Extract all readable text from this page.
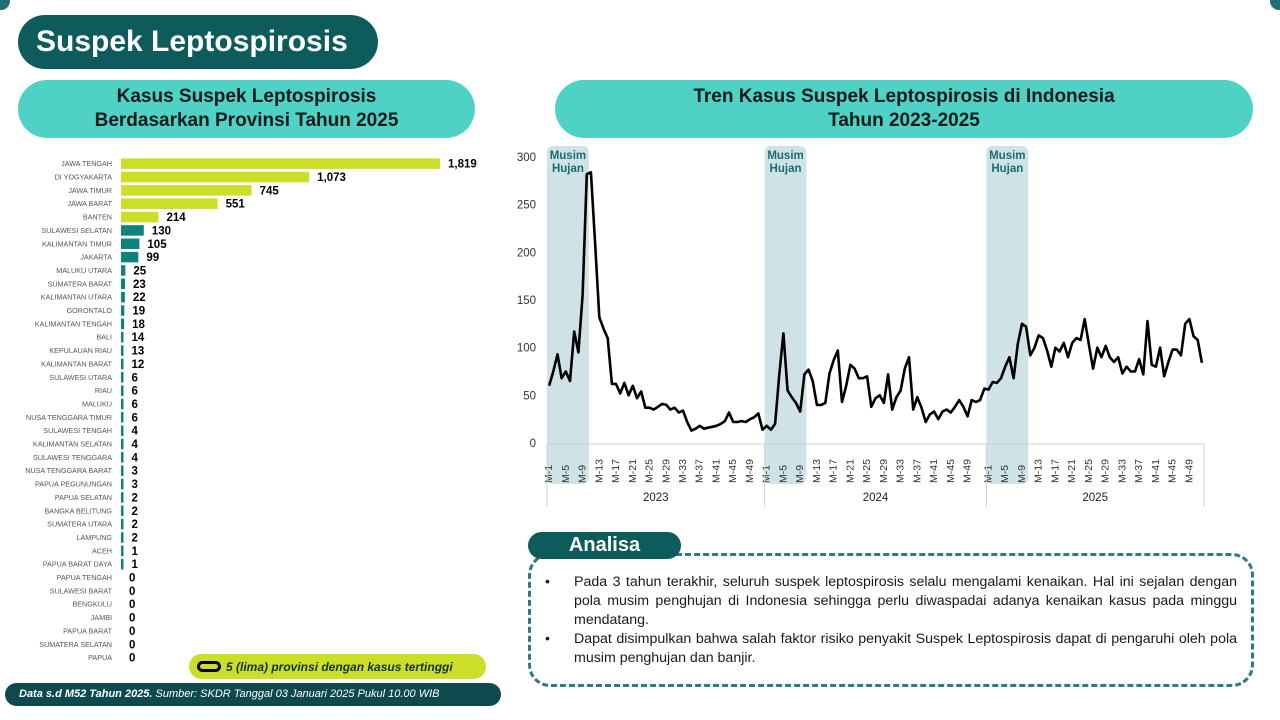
Suspek Leptospirosis
Kasus Suspek Leptospirosis
Berdasarkan Provinsi Tahun 2025
Tren Kasus Suspek Leptospirosis di Indonesia
Tahun 2023-2025
JAWA TENGAH	1,819
DI YOGYAKARTA	1,073
JAWA TIMUR	745
JAWA BARAT	551
BANTEN	214
SULAWESI SELATAN	130
KALIMANTAN TIMUR	105
JAKARTA	99
MALUKU UTARA 25
SUMATERA BARAT 23
KALIMANTAN UTARA 22
GORONTALO 19
KALIMANTAN TENGAH 18
BALI 14
KEPULAUAN RIAU 13
KALIMANTAN BARAT 12
SULAWESI UTARA 6
RIAU 6
MALUKU 6
NUSA TENGGARA TIMUR 6
SULAWESI TENGAH 4
KALIMANTAN SELATAN 4
SULAWESI TENGGARA 4
NUSA TENGGARA BARAT 3
PAPUA PEGUNUNGAN 3
PAPUA SELATAN 2
BANGKA BELITUNG 2
SUMATERA UTARA 2
LAMPUNG 2
ACEH 1
PAPUA BARAT DAYA 1
PAPUA TENGAH 0
SULAWESI BARAT 0
BENGKULU 0
JAMBI 0
PAPUA BARAT 0
SUMATERA SELATAN 0
PAPUA 0
Musim
Hujan
Musim
Hujan
Musim
Hujan
0
50
100
150
200
250
300
M-1 M-5 M-9 M-13 M-17 M-21 M-25 M-29 M-33 M-37 M-41 M-45 M-49
2023
M-1 M-5 M-9 M-13 M-17 M-21 M-25 M-29 M-33 M-37 M-41 M-45 M-49
2024
M-1 M-5 M-9 M-13 M-17 M-21 M-25 M-29 M-33 M-37 M-41 M-45 M-49
2025
5 (lima) provinsi dengan kasus tertinggi
Data s.d M52 Tahun 2025. Sumber: SKDR Tanggal 03 Januari 2025 Pukul 10.00 WIB
Analisa
• Pada 3 tahun terakhir, seluruh suspek leptospirosis selalu mengalami kenaikan. Hal ini sejalan dengan pola musim penghujan di Indonesia sehingga perlu diwaspadai adanya kenaikan kasus pada minggu mendatang.
• Dapat disimpulkan bahwa salah faktor risiko penyakit Suspek Leptospirosis dapat di pengaruhi oleh pola musim penghujan dan banjir.
